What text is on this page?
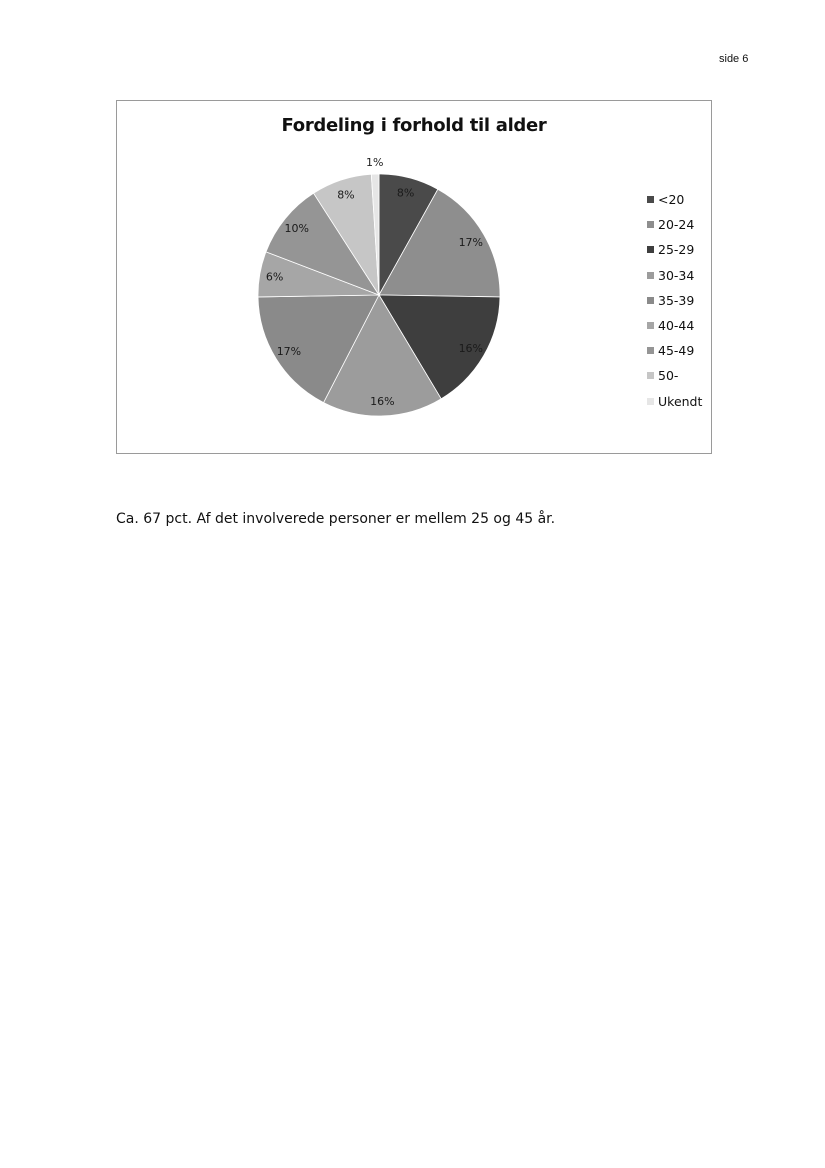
side 6
Fordeling i forhold til alder
8%
17%
16%
16%
17%
6%
10%
8%
1%
<20
20-24
25-29
30-34
35-39
40-44
45-49
50-
Ukendt
Ca. 67 pct. Af det involverede personer er mellem 25 og 45 år.
